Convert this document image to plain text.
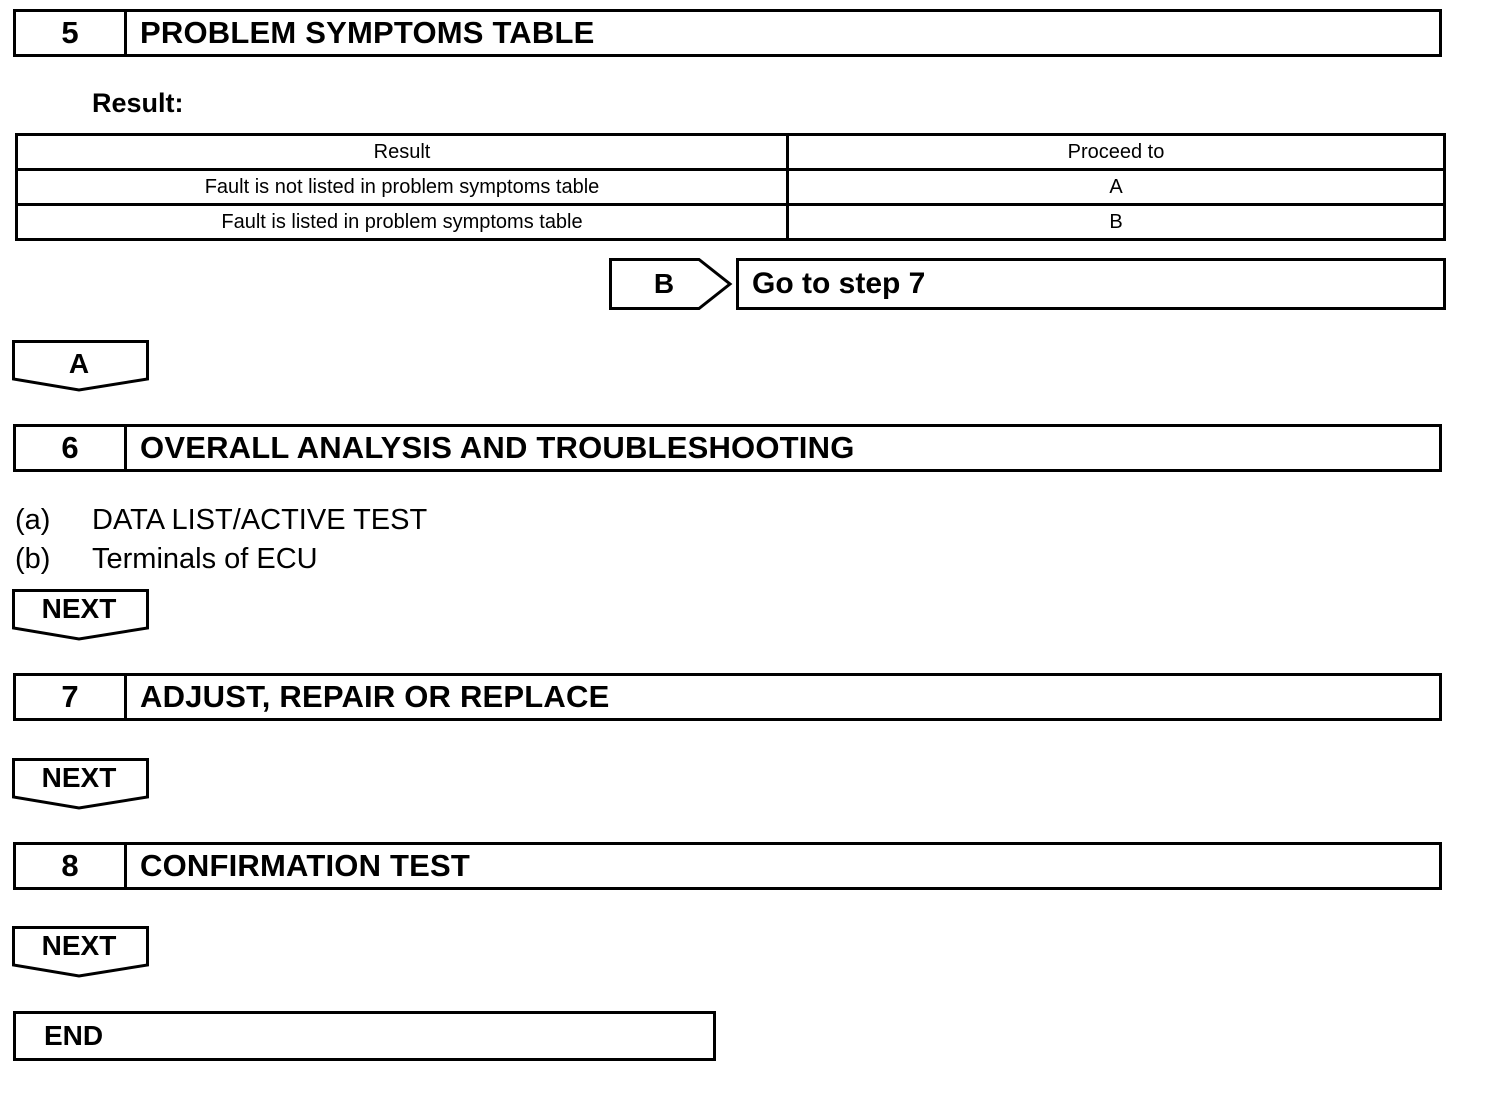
5	PROBLEM SYMPTOMS TABLE
Result:
Result	Proceed to
Fault is not listed in problem symptoms table	A
Fault is listed in problem symptoms table	B
B	Go to step 7
A
6	OVERALL ANALYSIS AND TROUBLESHOOTING
(a)	DATA LIST/ACTIVE TEST
(b)	Terminals of ECU
NEXT
7	ADJUST, REPAIR OR REPLACE
NEXT
8	CONFIRMATION TEST
NEXT
END
